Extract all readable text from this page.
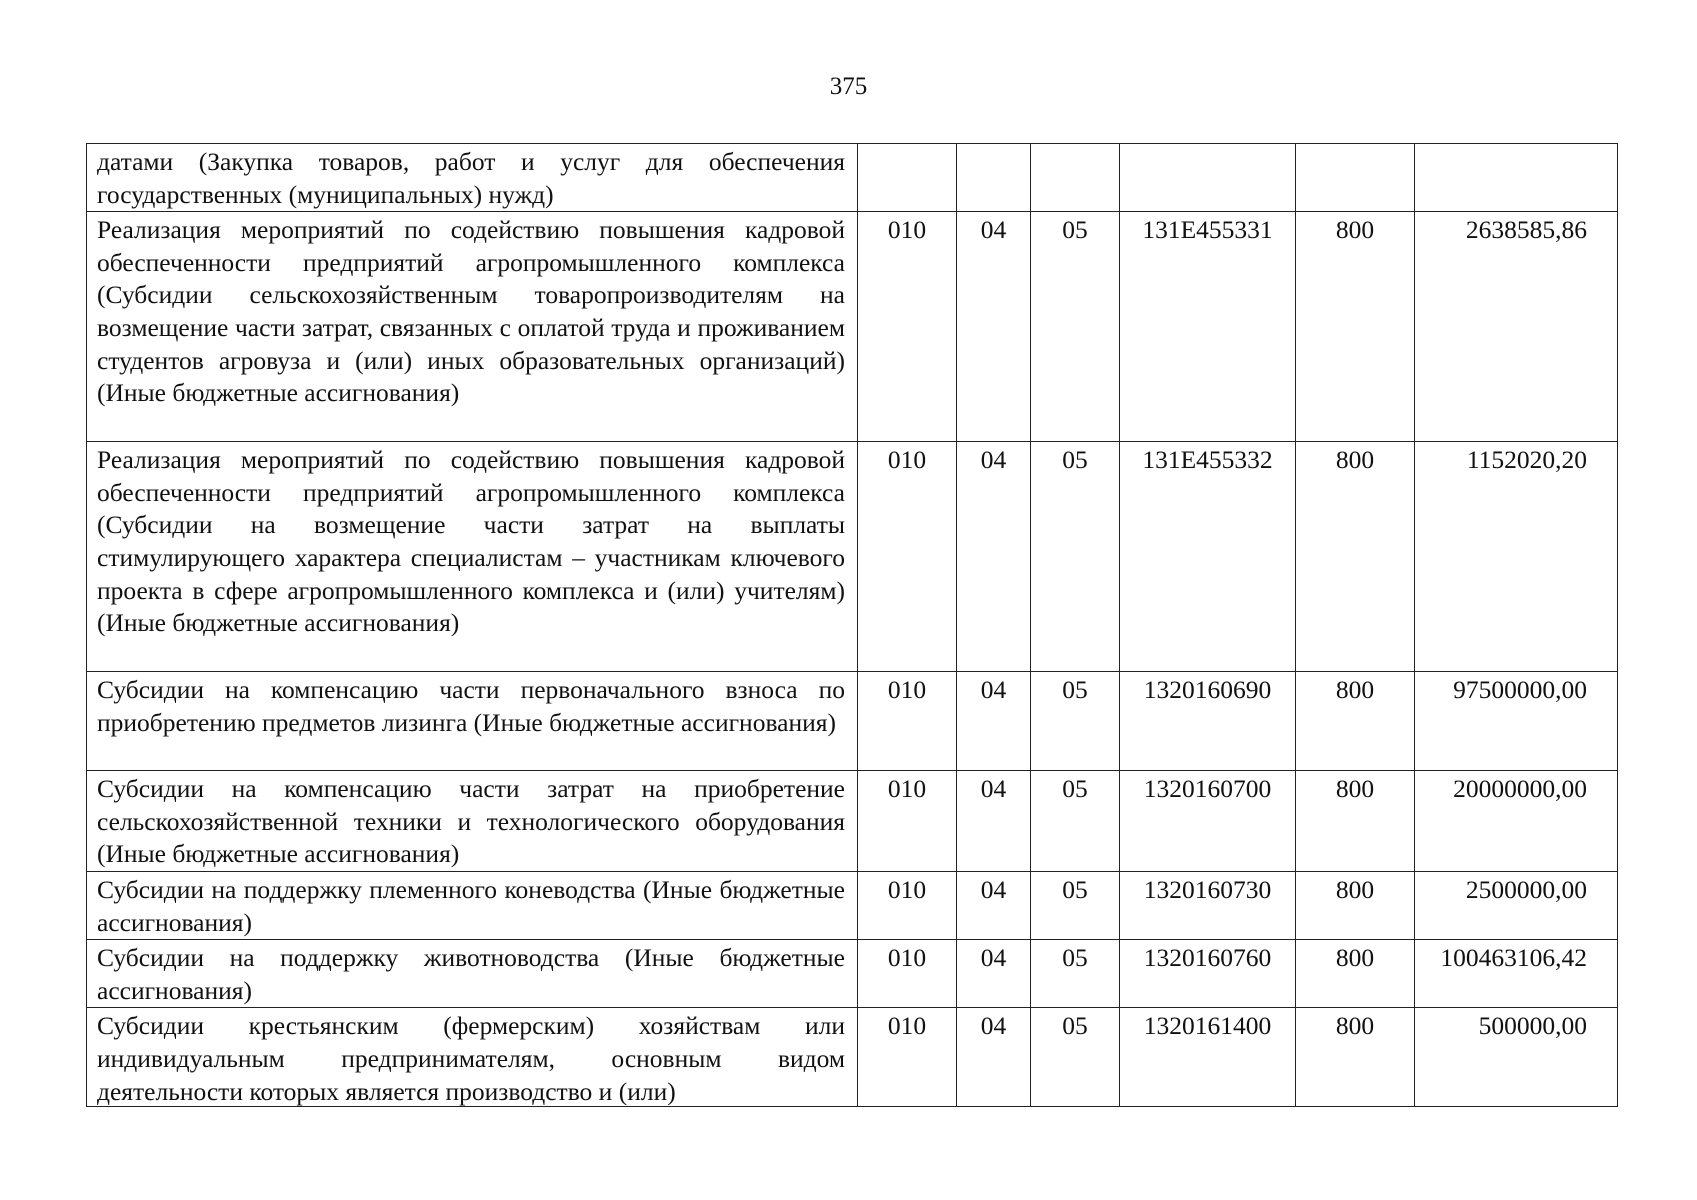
375
датами (Закупка товаров, работ и услуг для обеспечения государственных (муниципальных) нужд)						
Реализация мероприятий по содействию повышения кадровой обеспеченности предприятий агропромышленного комплекса (Субсидии сельскохозяйственным товаропроизводителям на возмещение части затрат, связанных с оплатой труда и проживанием студентов агровуза и (или) иных образовательных организаций) (Иные бюджетные ассигнования)	010	04	05	131E455331	800	2638585,86
Реализация мероприятий по содействию повышения кадровой обеспеченности предприятий агропромышленного комплекса (Субсидии на возмещение части затрат на выплаты стимулирующего характера специалистам – участникам ключевого проекта в сфере агропромышленного комплекса и (или) учителям) (Иные бюджетные ассигнования)	010	04	05	131E455332	800	1152020,20
Субсидии на компенсацию части первоначального взноса по приобретению предметов лизинга (Иные бюджетные ассигнования)	010	04	05	1320160690	800	97500000,00
Субсидии на компенсацию части затрат на приобретение сельскохозяйственной техники и технологического оборудования (Иные бюджетные ассигнования)	010	04	05	1320160700	800	20000000,00
Субсидии на поддержку племенного коневодства (Иные бюджетные ассигнования)	010	04	05	1320160730	800	2500000,00
Субсидии на поддержку животноводства (Иные бюджетные ассигнования)	010	04	05	1320160760	800	100463106,42

Субсидии крестьянским (фермерским) хозяйствам или индивидуальным предпринимателям, основным видом деятельности которых является производство и (или)	010	04	05	1320161400	800	500000,00
